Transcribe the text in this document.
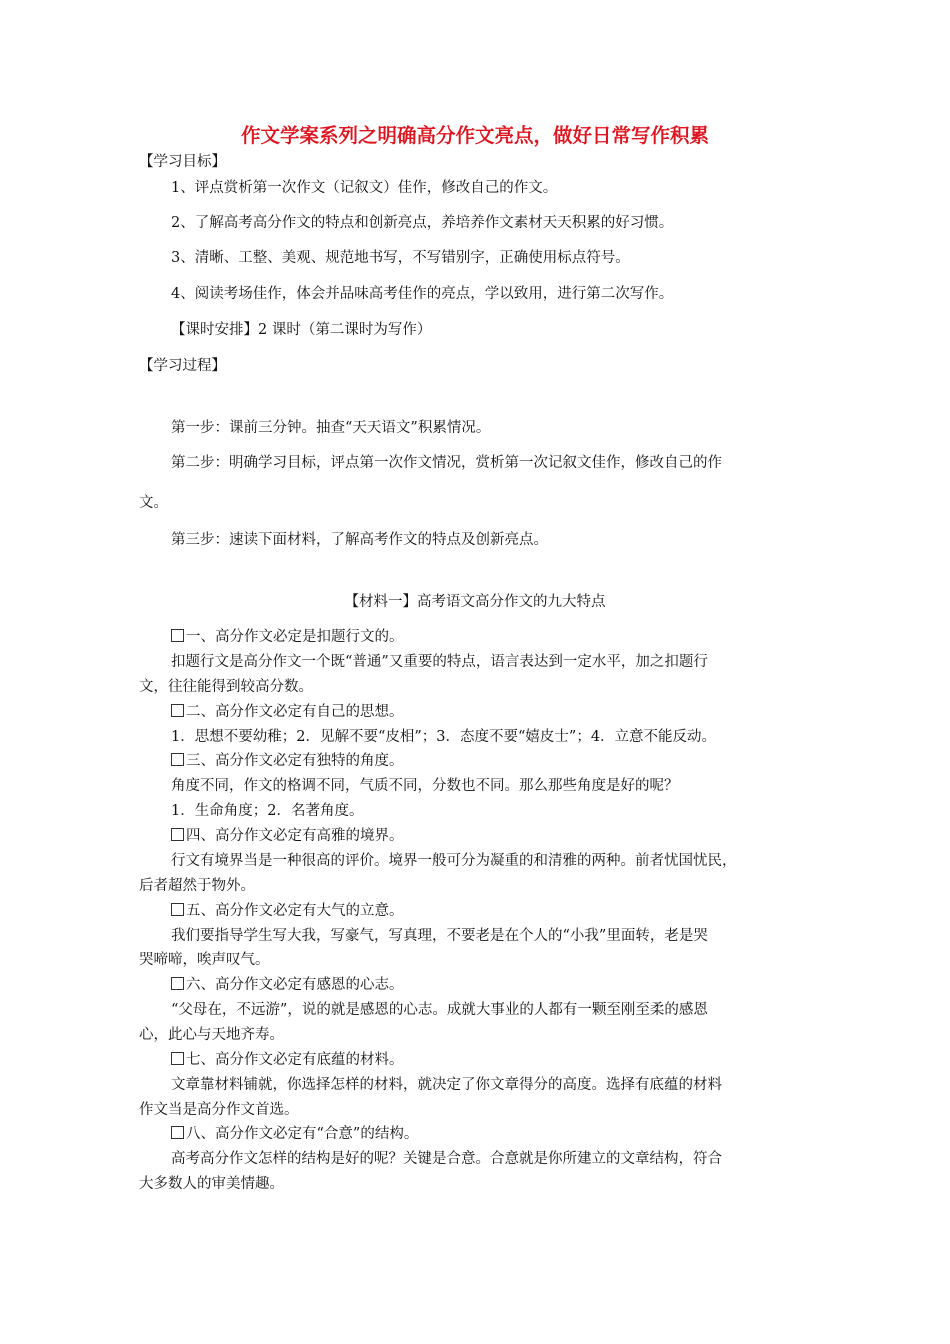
作文学案系列之明确高分作文亮点，做好日常写作积累
【学习目标】
1、评点赏析第一次作文（记叙文）佳作，修改自己的作文。
2、了解高考高分作文的特点和创新亮点，养培养作文素材天天积累的好习惯。
3、清晰、工整、美观、规范地书写，不写错别字，正确使用标点符号。
4、阅读考场佳作，体会并品味高考佳作的亮点，学以致用，进行第二次写作。
【课时安排】2 课时（第二课时为写作）
【学习过程】
第一步：课前三分钟。抽查“天天语文”积累情况。
第二步：明确学习目标，评点第一次作文情况，赏析第一次记叙文佳作，修改自己的作
文。
第三步：速读下面材料，了解高考作文的特点及创新亮点。
【材料一】高考语文高分作文的九大特点
一、高分作文必定是扣题行文的。
扣题行文是高分作文一个既“普通”又重要的特点，语言表达到一定水平，加之扣题行
文，往往能得到较高分数。
二、高分作文必定有自己的思想。
1．思想不要幼稚；2．见解不要“皮相”；3．态度不要“嬉皮士”；4．立意不能反动。
三、高分作文必定有独特的角度。
角度不同，作文的格调不同，气质不同，分数也不同。那么那些角度是好的呢？
1．生命角度；2．名著角度。
四、高分作文必定有高雅的境界。
行文有境界当是一种很高的评价。境界一般可分为凝重的和清雅的两种。前者忧国忧民，
后者超然于物外。
五、高分作文必定有大气的立意。
我们要指导学生写大我，写豪气，写真理，不要老是在个人的“小我”里面转，老是哭
哭啼啼，唉声叹气。
六、高分作文必定有感恩的心志。
“父母在，不远游”，说的就是感恩的心志。成就大事业的人都有一颗至刚至柔的感恩
心，此心与天地齐寿。
七、高分作文必定有底蕴的材料。
文章靠材料铺就，你选择怎样的材料，就决定了你文章得分的高度。选择有底蕴的材料
作文当是高分作文首选。
八、高分作文必定有“合意”的结构。
高考高分作文怎样的结构是好的呢？关键是合意。合意就是你所建立的文章结构，符合
大多数人的审美情趣。
